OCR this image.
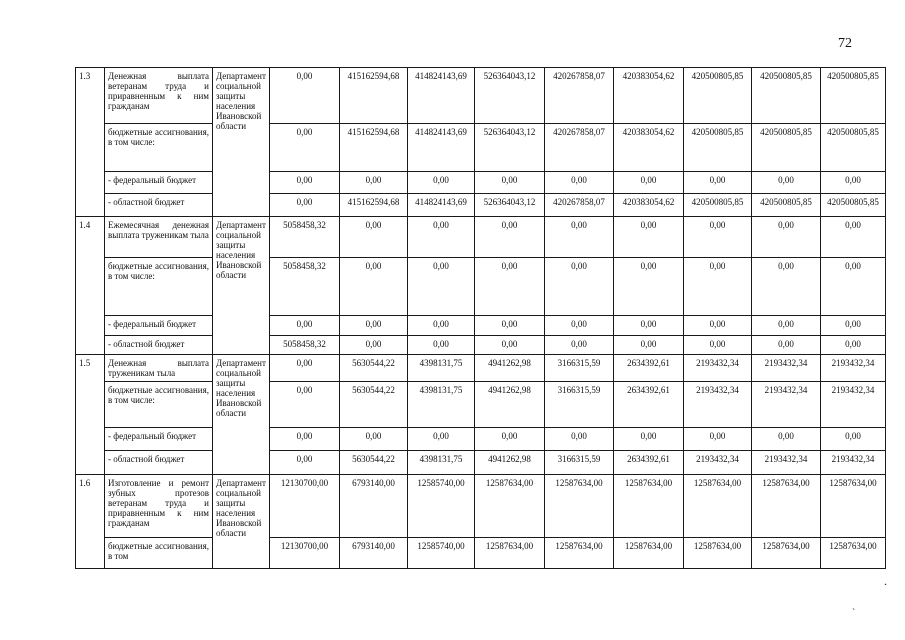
72
1.3	Денежная выплата ветеранам труда и приравненным к ним гражданам	Департамент социальной защиты населения Ивановской области	0,00	415162594,68	414824143,69	526364043,12	420267858,07	420383054,62	420500805,85	420500805,85	420500805,85
	бюджетные ассигнования, в том числе:		0,00	415162594,68	414824143,69	526364043,12	420267858,07	420383054,62	420500805,85	420500805,85	420500805,85
	- федеральный бюджет		0,00	0,00	0,00	0,00	0,00	0,00	0,00	0,00	0,00
	- областной бюджет		0,00	415162594,68	414824143,69	526364043,12	420267858,07	420383054,62	420500805,85	420500805,85	420500805,85
1.4	Ежемесячная денежная выплата труженикам тыла	Департамент социальной защиты населения Ивановской области	5058458,32	0,00	0,00	0,00	0,00	0,00	0,00	0,00	0,00
	бюджетные ассигнования, в том числе:		5058458,32	0,00	0,00	0,00	0,00	0,00	0,00	0,00	0,00
	- федеральный бюджет		0,00	0,00	0,00	0,00	0,00	0,00	0,00	0,00	0,00
	- областной бюджет		5058458,32	0,00	0,00	0,00	0,00	0,00	0,00	0,00	0,00
1.5	Денежная выплата труженикам тыла	Департамент социальной защиты населения Ивановской области	0,00	5630544,22	4398131,75	4941262,98	3166315,59	2634392,61	2193432,34	2193432,34	2193432,34
	бюджетные ассигнования, в том числе:		0,00	5630544,22	4398131,75	4941262,98	3166315,59	2634392,61	2193432,34	2193432,34	2193432,34
	- федеральный бюджет		0,00	0,00	0,00	0,00	0,00	0,00	0,00	0,00	0,00
	- областной бюджет		0,00	5630544,22	4398131,75	4941262,98	3166315,59	2634392,61	2193432,34	2193432,34	2193432,34
1.6	Изготовление и ремонт зубных протезов ветеранам труда и приравненным к ним гражданам	Департамент социальной защиты населения Ивановской области	12130700,00	6793140,00	12585740,00	12587634,00	12587634,00	12587634,00	12587634,00	12587634,00	12587634,00
	бюджетные ассигнования, в том		12130700,00	6793140,00	12585740,00	12587634,00	12587634,00	12587634,00	12587634,00	12587634,00	12587634,00
.
`
